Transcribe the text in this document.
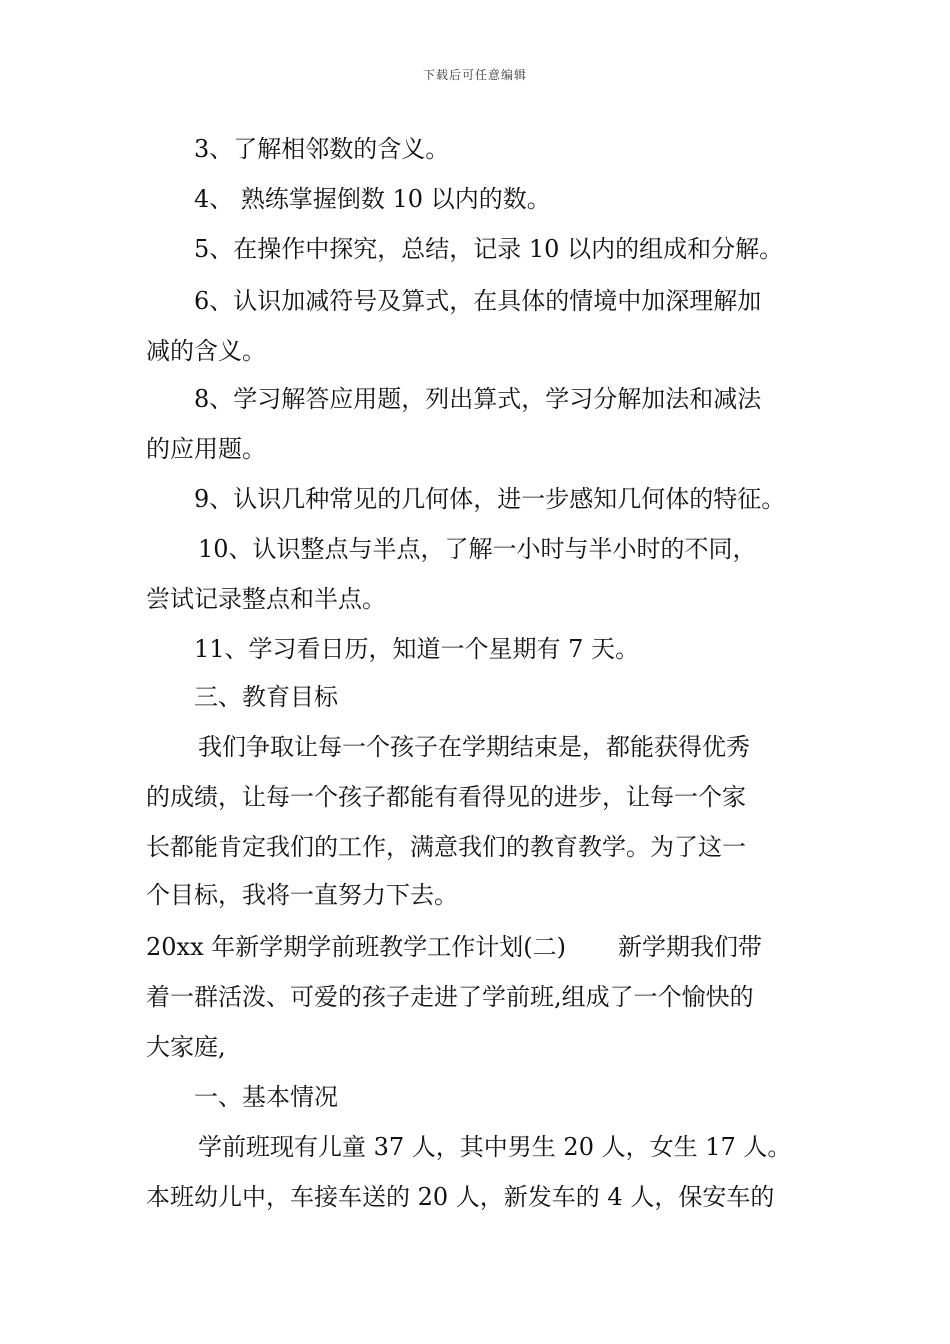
下载后可任意编辑
3、了解相邻数的含义。
4、 熟练掌握倒数 10 以内的数。
5、在操作中探究，总结，记录 10 以内的组成和分解。
6、认识加减符号及算式，在具体的情境中加深理解加
减的含义。
8、学习解答应用题，列出算式，学习分解加法和减法
的应用题。
9、认识几种常见的几何体，进一步感知几何体的特征。
10、认识整点与半点，了解一小时与半小时的不同，
尝试记录整点和半点。
11、学习看日历，知道一个星期有 7 天。
三、教育目标
我们争取让每一个孩子在学期结束是，都能获得优秀
的成绩，让每一个孩子都能有看得见的进步，让每一个家
长都能肯定我们的工作，满意我们的教育教学。为了这一
个目标，我将一直努力下去。
20xx 年新学期学前班教学工作计划(二) 新学期我们带
着一群活泼、可爱的孩子走进了学前班,组成了一个愉快的
大家庭,
一、基本情况
学前班现有儿童 37 人，其中男生 20 人，女生 17 人。
本班幼儿中，车接车送的 20 人，新发车的 4 人，保安车的
